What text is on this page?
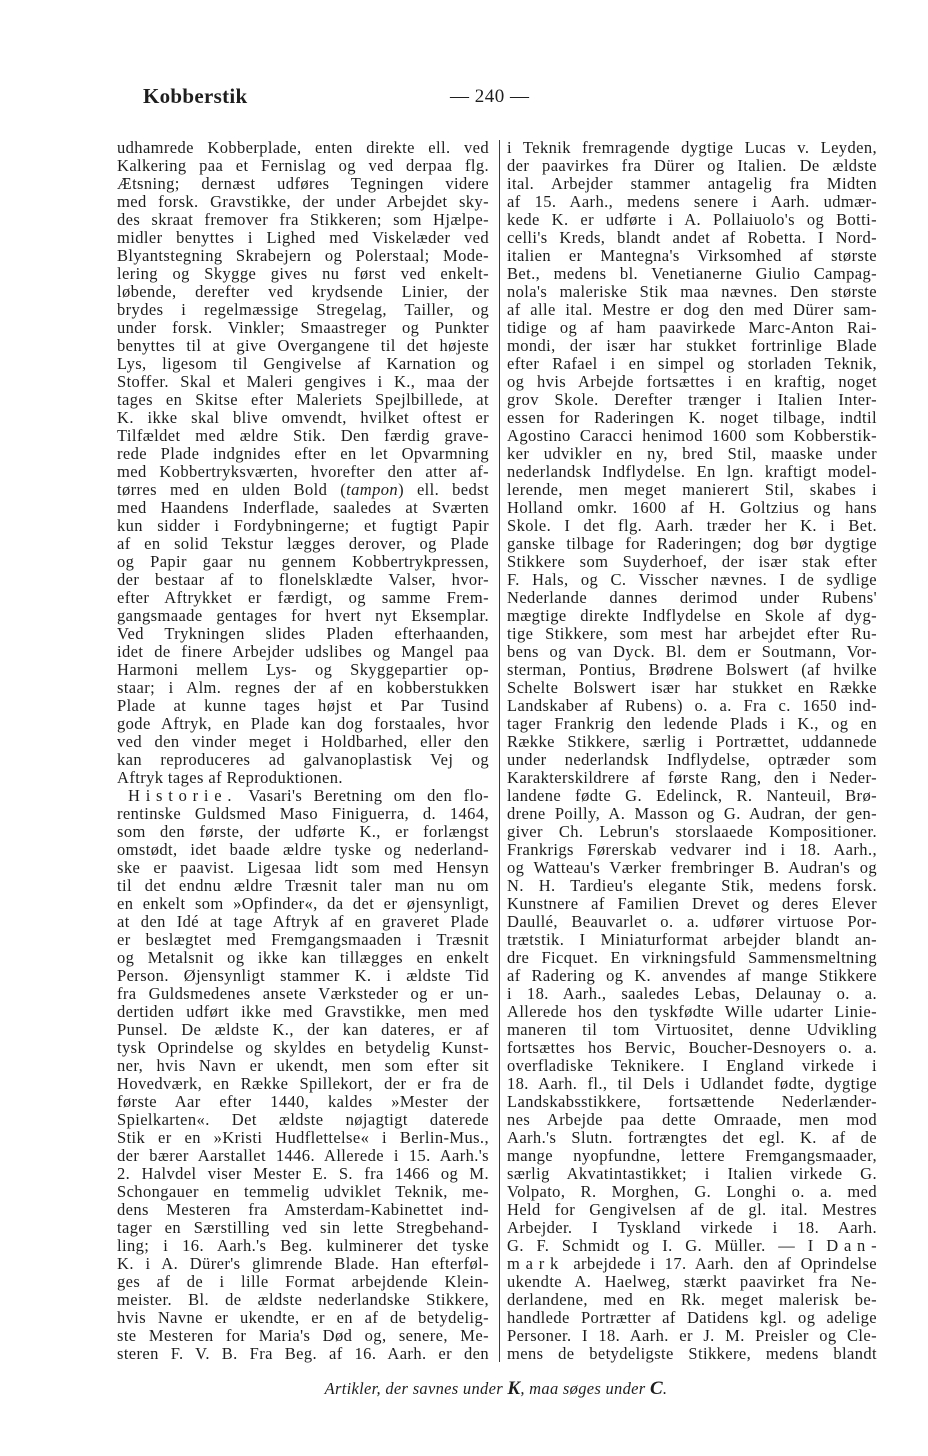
Kobberstik	— 240 —
udhamrede Kobberplade, enten direkte ell. ved
Kalkering paa et Fernislag og ved derpaa flg.
Ætsning; dernæst udføres Tegningen videre
med forsk. Gravstikke, der under Arbejdet sky-
des skraat fremover fra Stikkeren; som Hjælpe-
midler benyttes i Lighed med Viskelæder ved
Blyantstegning Skrabejern og Polerstaal; Mode-
lering og Skygge gives nu først ved enkelt-
løbende, derefter ved krydsende Linier, der
brydes i regelmæssige Stregelag, Tailler, og
under forsk. Vinkler; Smaastreger og Punkter
benyttes til at give Overgangene til det højeste
Lys, ligesom til Gengivelse af Karnation og
Stoffer. Skal et Maleri gengives i K., maa der
tages en Skitse efter Maleriets Spejlbillede, at
K. ikke skal blive omvendt, hvilket oftest er
Tilfældet med ældre Stik. Den færdig grave-
rede Plade indgnides efter en let Opvarmning
med Kobbertryksværten, hvorefter den atter af-
tørres med en ulden Bold (tampon) ell. bedst
med Haandens Inderflade, saaledes at Sværten
kun sidder i Fordybningerne; et fugtigt Papir
af en solid Tekstur lægges derover, og Plade
og Papir gaar nu gennem Kobbertrykpressen,
der bestaar af to flonelsklædte Valser, hvor-
efter Aftrykket er færdigt, og samme Frem-
gangsmaade gentages for hvert nyt Eksemplar.
Ved Trykningen slides Pladen efterhaanden,
idet de finere Arbejder udslibes og Mangel paa
Harmoni mellem Lys- og Skyggepartier op-
staar; i Alm. regnes der af en kobberstukken
Plade at kunne tages højst et Par Tusind
gode Aftryk, en Plade kan dog forstaales, hvor
ved den vinder meget i Holdbarhed, eller den
kan reproduceres ad galvanoplastisk Vej og
Aftryk tages af Reproduktionen.
Historie. Vasari's Beretning om den flo-
rentinske Guldsmed Maso Finiguerra, d. 1464,
som den første, der udførte K., er forlængst
omstødt, idet baade ældre tyske og nederland-
ske er paavist. Ligesaa lidt som med Hensyn
til det endnu ældre Træsnit taler man nu om
en enkelt som »Opfinder«, da det er øjensynligt,
at den Idé at tage Aftryk af en graveret Plade
er beslægtet med Fremgangsmaaden i Træsnit
og Metalsnit og ikke kan tillægges en enkelt
Person. Øjensynligt stammer K. i ældste Tid
fra Guldsmedenes ansete Værksteder og er un-
dertiden udført ikke med Gravstikke, men med
Punsel. De ældste K., der kan dateres, er af
tysk Oprindelse og skyldes en betydelig Kunst-
ner, hvis Navn er ukendt, men som efter sit
Hovedværk, en Række Spillekort, der er fra de
første Aar efter 1440, kaldes »Mester der
Spielkarten«. Det ældste nøjagtigt daterede
Stik er en »Kristi Hudflettelse« i Berlin-Mus.,
der bærer Aarstallet 1446. Allerede i 15. Aarh.'s
2. Halvdel viser Mester E. S. fra 1466 og M.
Schongauer en temmelig udviklet Teknik, me-
dens Mesteren fra Amsterdam-Kabinettet ind-
tager en Særstilling ved sin lette Stregbehand-
ling; i 16. Aarh.'s Beg. kulminerer det tyske
K. i A. Dürer's glimrende Blade. Han efterføl-
ges af de i lille Format arbejdende Klein-
meister. Bl. de ældste nederlandske Stikkere,
hvis Navne er ukendte, er en af de betydelig-
ste Mesteren for Maria's Død og, senere, Me-
steren F. V. B. Fra Beg. af 16. Aarh. er den
i Teknik fremragende dygtige Lucas v. Leyden,
der paavirkes fra Dürer og Italien. De ældste
ital. Arbejder stammer antagelig fra Midten
af 15. Aarh., medens senere i Aarh. udmær-
kede K. er udførte i A. Pollaiuolo's og Botti-
celli's Kreds, blandt andet af Robetta. I Nord-
italien er Mantegna's Virksomhed af største
Bet., medens bl. Venetianerne Giulio Campag-
nola's maleriske Stik maa nævnes. Den største
af alle ital. Mestre er dog den med Dürer sam-
tidige og af ham paavirkede Marc-Anton Rai-
mondi, der især har stukket fortrinlige Blade
efter Rafael i en simpel og storladen Teknik,
og hvis Arbejde fortsættes i en kraftig, noget
grov Skole. Derefter trænger i Italien Inter-
essen for Raderingen K. noget tilbage, indtil
Agostino Caracci henimod 1600 som Kobberstik-
ker udvikler en ny, bred Stil, maaske under
nederlandsk Indflydelse. En lgn. kraftigt model-
lerende, men meget manierert Stil, skabes i
Holland omkr. 1600 af H. Goltzius og hans
Skole. I det flg. Aarh. træder her K. i Bet.
ganske tilbage for Raderingen; dog bør dygtige
Stikkere som Suyderhoef, der især stak efter
F. Hals, og C. Visscher nævnes. I de sydlige
Nederlande dannes derimod under Rubens'
mægtige direkte Indflydelse en Skole af dyg-
tige Stikkere, som mest har arbejdet efter Ru-
bens og van Dyck. Bl. dem er Soutmann, Vor-
sterman, Pontius, Brødrene Bolswert (af hvilke
Schelte Bolswert især har stukket en Række
Landskaber af Rubens) o. a. Fra c. 1650 ind-
tager Frankrig den ledende Plads i K., og en
Række Stikkere, særlig i Portrættet, uddannede
under nederlandsk Indflydelse, optræder som
Karakterskildrere af første Rang, den i Neder-
landene fødte G. Edelinck, R. Nanteuil, Brø-
drene Poilly, A. Masson og G. Audran, der gen-
giver Ch. Lebrun's storslaaede Kompositioner.
Frankrigs Førerskab vedvarer ind i 18. Aarh.,
og Watteau's Værker frembringer B. Audran's og
N. H. Tardieu's elegante Stik, medens forsk.
Kunstnere af Familien Drevet og deres Elever
Daullé, Beauvarlet o. a. udfører virtuose Por-
trætstik. I Miniaturformat arbejder blandt an-
dre Ficquet. En virkningsfuld Sammensmeltning
af Radering og K. anvendes af mange Stikkere
i 18. Aarh., saaledes Lebas, Delaunay o. a.
Allerede hos den tyskfødte Wille udarter Linie-
maneren til tom Virtuositet, denne Udvikling
fortsættes hos Bervic, Boucher-Desnoyers o. a.
overfladiske Teknikere. I England virkede i
18. Aarh. fl., til Dels i Udlandet fødte, dygtige
Landskabsstikkere, fortsættende Nederlænder-
nes Arbejde paa dette Omraade, men mod
Aarh.'s Slutn. fortrængtes det egl. K. af de
mange nyopfundne, lettere Fremgangsmaader,
særlig Akvatintastikket; i Italien virkede G.
Volpato, R. Morghen, G. Longhi o. a. med
Held for Gengivelsen af de gl. ital. Mestres
Arbejder. I Tyskland virkede i 18. Aarh.
G. F. Schmidt og I. G. Müller. — I Dan-
mark arbejdede i 17. Aarh. den af Oprindelse
ukendte A. Haelweg, stærkt paavirket fra Ne-
derlandene, med en Rk. meget malerisk be-
handlede Portrætter af Datidens kgl. og adelige
Personer. I 18. Aarh. er J. M. Preisler og Cle-
mens de betydeligste Stikkere, medens blandt
Artikler, der savnes under K, maa søges under C.
